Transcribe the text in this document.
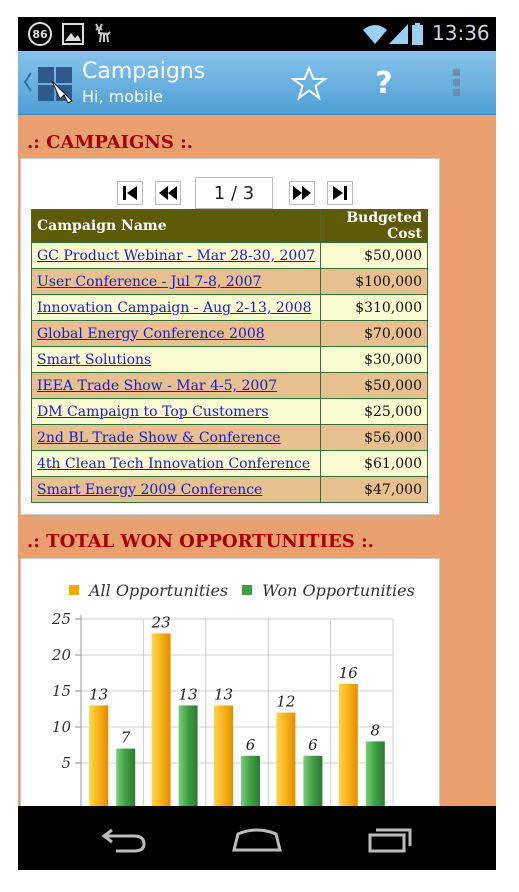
86	13:36
Campaigns
Hi, mobile	?
.: CAMPAIGNS :.
1 / 3
Campaign Name	Budgeted Cost
GC Product Webinar - Mar 28-30, 2007	$50,000
User Conference - Jul 7-8, 2007	$100,000
Innovation Campaign - Aug 2-13, 2008	$310,000
Global Energy Conference 2008	$70,000
Smart Solutions	$30,000
IEEA Trade Show - Mar 4-5, 2007	$50,000
DM Campaign to Top Customers	$25,000
2nd BL Trade Show & Conference	$56,000
4th Clean Tech Innovation Conference	$61,000
Smart Energy 2009 Conference	$47,000
.: TOTAL WON OPPORTUNITIES :.
All Opportunities Won Opportunities
25
20
15
10
5
13
7
23
13 13
6
12
6
16
8
